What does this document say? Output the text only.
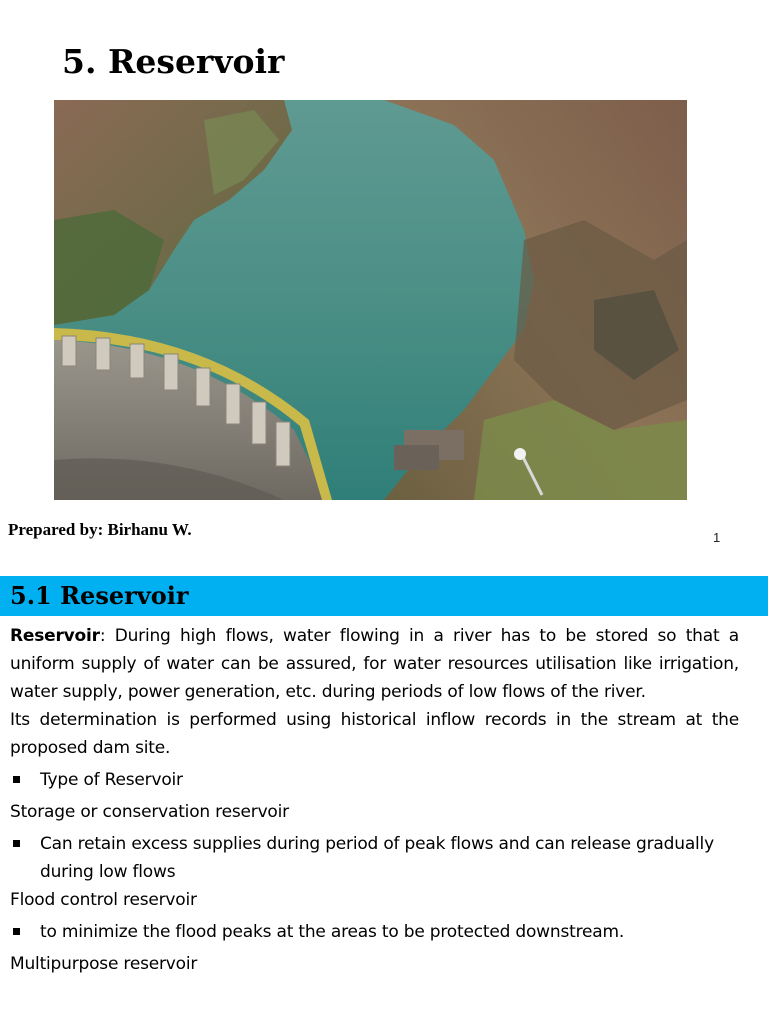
5. Reservoir
Prepared by: Birhanu W.	1
5.1 Reservoir

Reservoir: During high flows, water flowing in a river has to be stored so that a uniform supply of water can be assured, for water resources utilisation like irrigation, water supply, power generation, etc. during periods of low flows of the river.

Its determination is performed using historical inflow records in the stream at the proposed dam site.

Type of Reservoir

Storage or conservation reservoir

Can retain excess supplies during period of peak flows and can release gradually during low flows

Flood control reservoir

to minimize the flood peaks at the areas to be protected downstream.

Multipurpose reservoir
